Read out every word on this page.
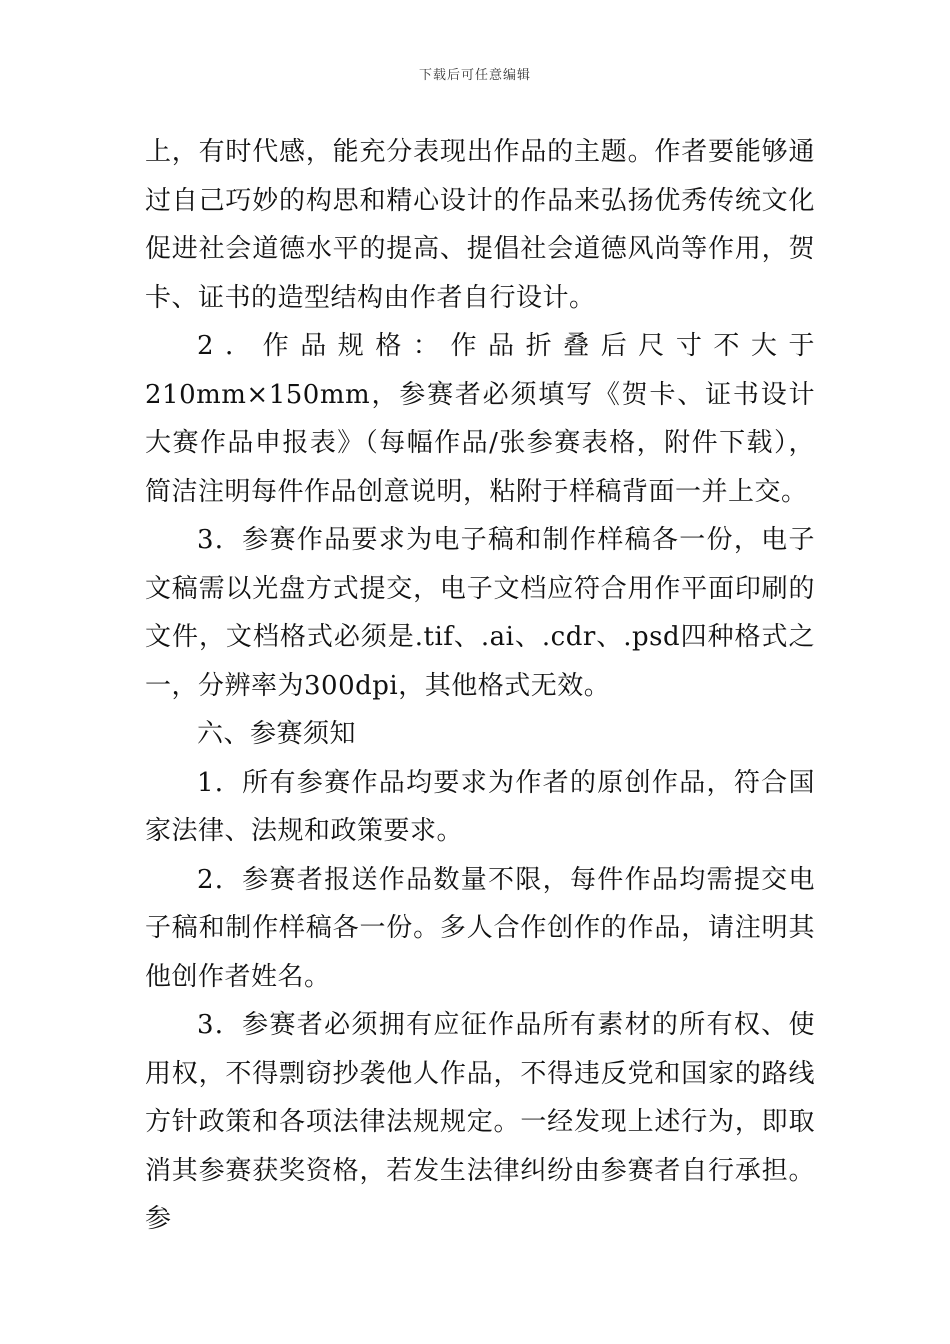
下载后可任意编辑

上，有时代感，能充分表现出作品的主题。作者要能够通过自己巧妙的构思和精心设计的作品来弘扬优秀传统文化促进社会道德水平的提高、提倡社会道德风尚等作用，贺卡、证书的造型结构由作者自行设计。

2．作品规格：作品折叠后尺寸不大于210mm×150mm，参赛者必须填写《贺卡、证书设计大赛作品申报表》（每幅作品/张参赛表格，附件下载），简洁注明每件作品创意说明，粘附于样稿背面一并上交。

3．参赛作品要求为电子稿和制作样稿各一份，电子文稿需以光盘方式提交，电子文档应符合用作平面印刷的文件，文档格式必须是.tif、.ai、.cdr、.psd四种格式之一，分辨率为300dpi，其他格式无效。

六、参赛须知

1．所有参赛作品均要求为作者的原创作品，符合国家法律、法规和政策要求。

2．参赛者报送作品数量不限，每件作品均需提交电子稿和制作样稿各一份。多人合作创作的作品，请注明其他创作者姓名。

3．参赛者必须拥有应征作品所有素材的所有权、使用权，不得剽窃抄袭他人作品，不得违反党和国家的路线方针政策和各项法律法规规定。一经发现上述行为，即取消其参赛获奖资格，若发生法律纠纷由参赛者自行承担。参
